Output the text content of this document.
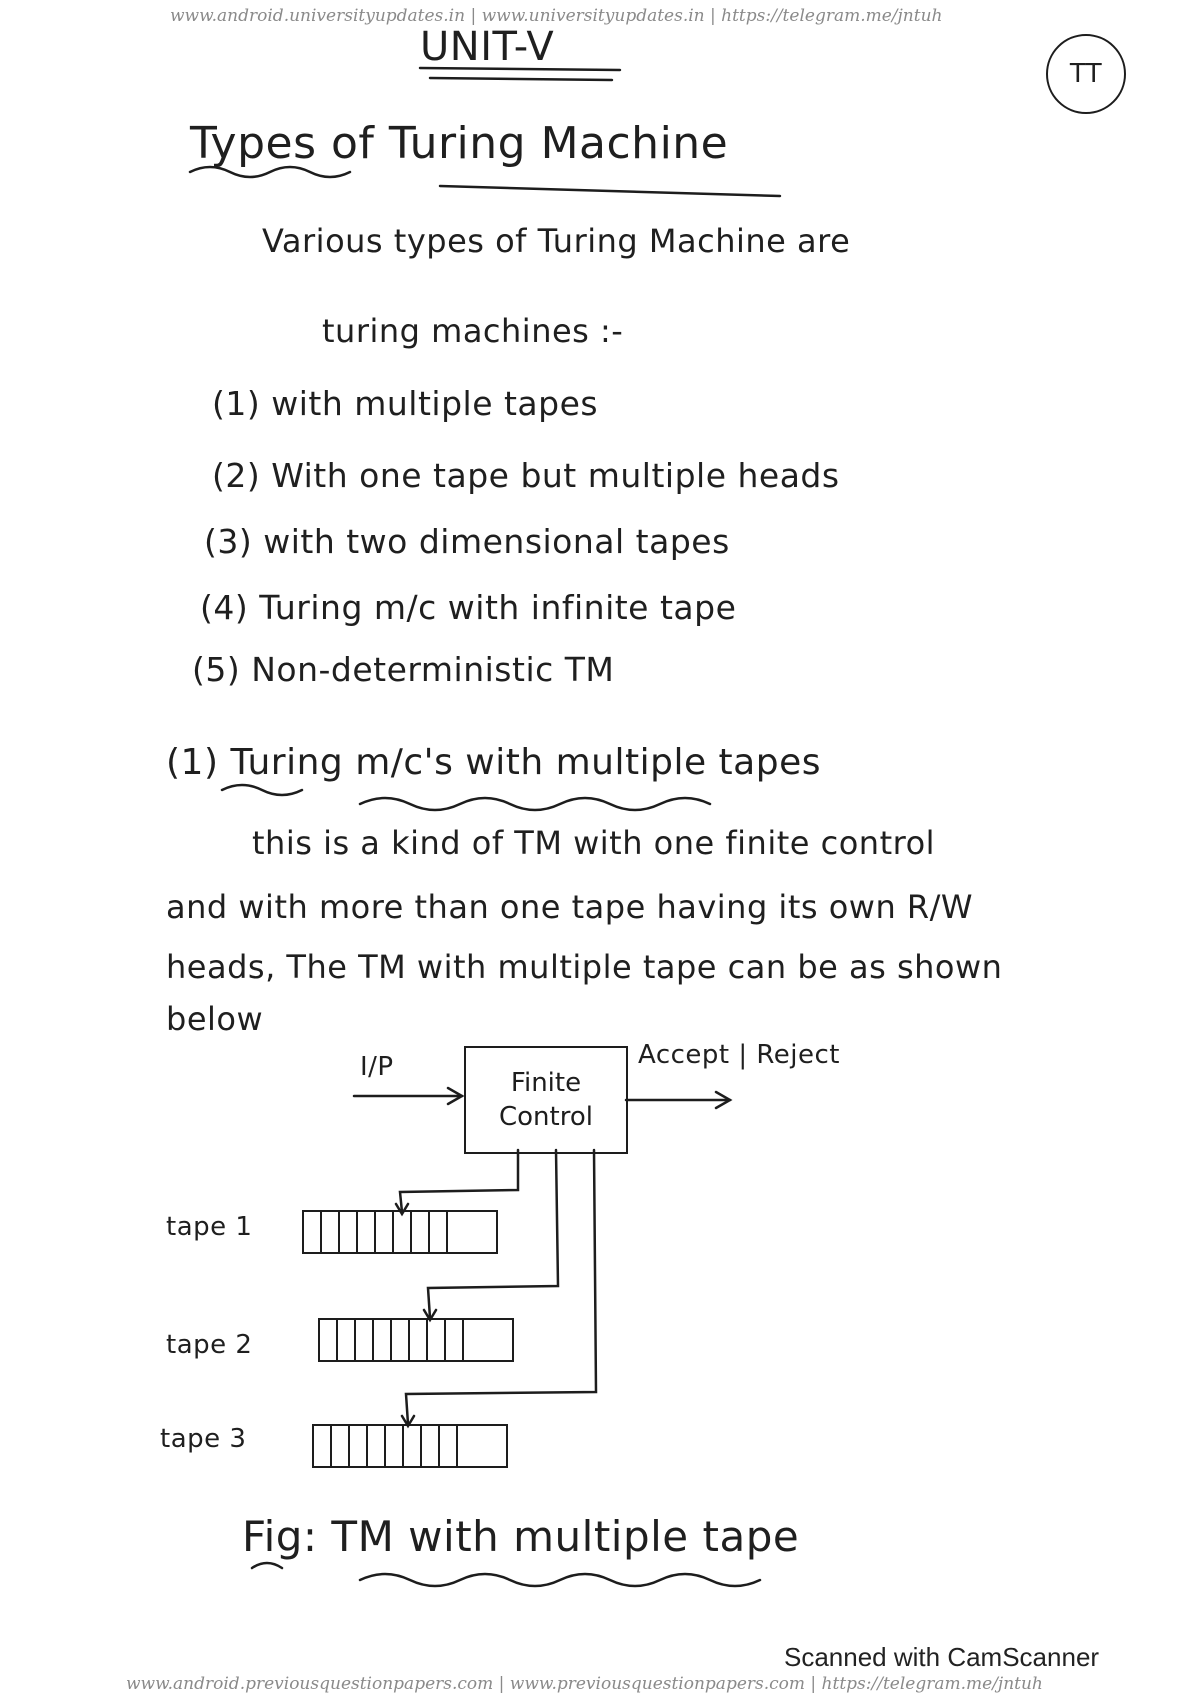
www.android.universityupdates.in | www.universityupdates.in | https://telegram.me/jntuh
UNIT-V
TT
Types of Turing Machine
Various types of Turing Machine are
turing machines :-
(1) with multiple tapes
(2) With one tape but multiple heads
(3) with two dimensional tapes
(4) Turing m/c with infinite tape
(5) Non-deterministic TM
(1) Turing m/c's with multiple tapes
this is a kind of TM with one finite control
and with more than one tape having its own R/W
heads, The TM with multiple tape can be as shown
below
I/P	Accept | Reject
Finite
Control
tape 1
tape 2
tape 3
Fig: TM with multiple tape
Scanned with CamScanner
www.android.previousquestionpapers.com | www.previousquestionpapers.com | https://telegram.me/jntuh
